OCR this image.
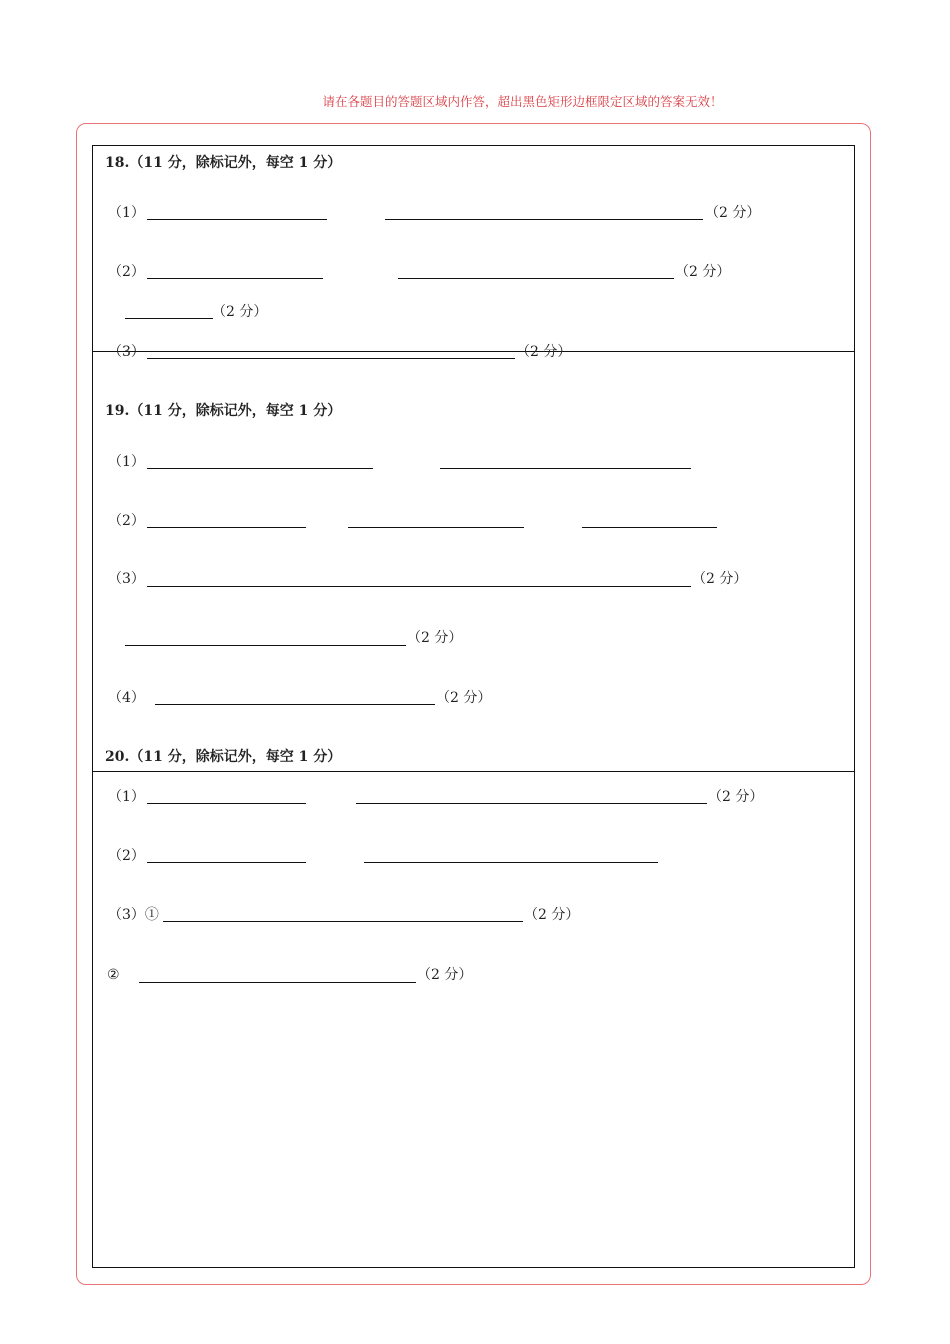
请在各题目的答题区域内作答，超出黑色矩形边框限定区域的答案无效！
18.（11 分，除标记外，每空 1 分）
（1）	（2 分）
（2）	（2 分）
（2 分）
（3）	（2 分）
19.（11 分，除标记外，每空 1 分）
（1）
（2）
（3）	（2 分）
（2 分）
（4）	（2 分）
20.（11 分，除标记外，每空 1 分）
（1）	（2 分）
（2）
（3）①	（2 分）
②	（2 分）
